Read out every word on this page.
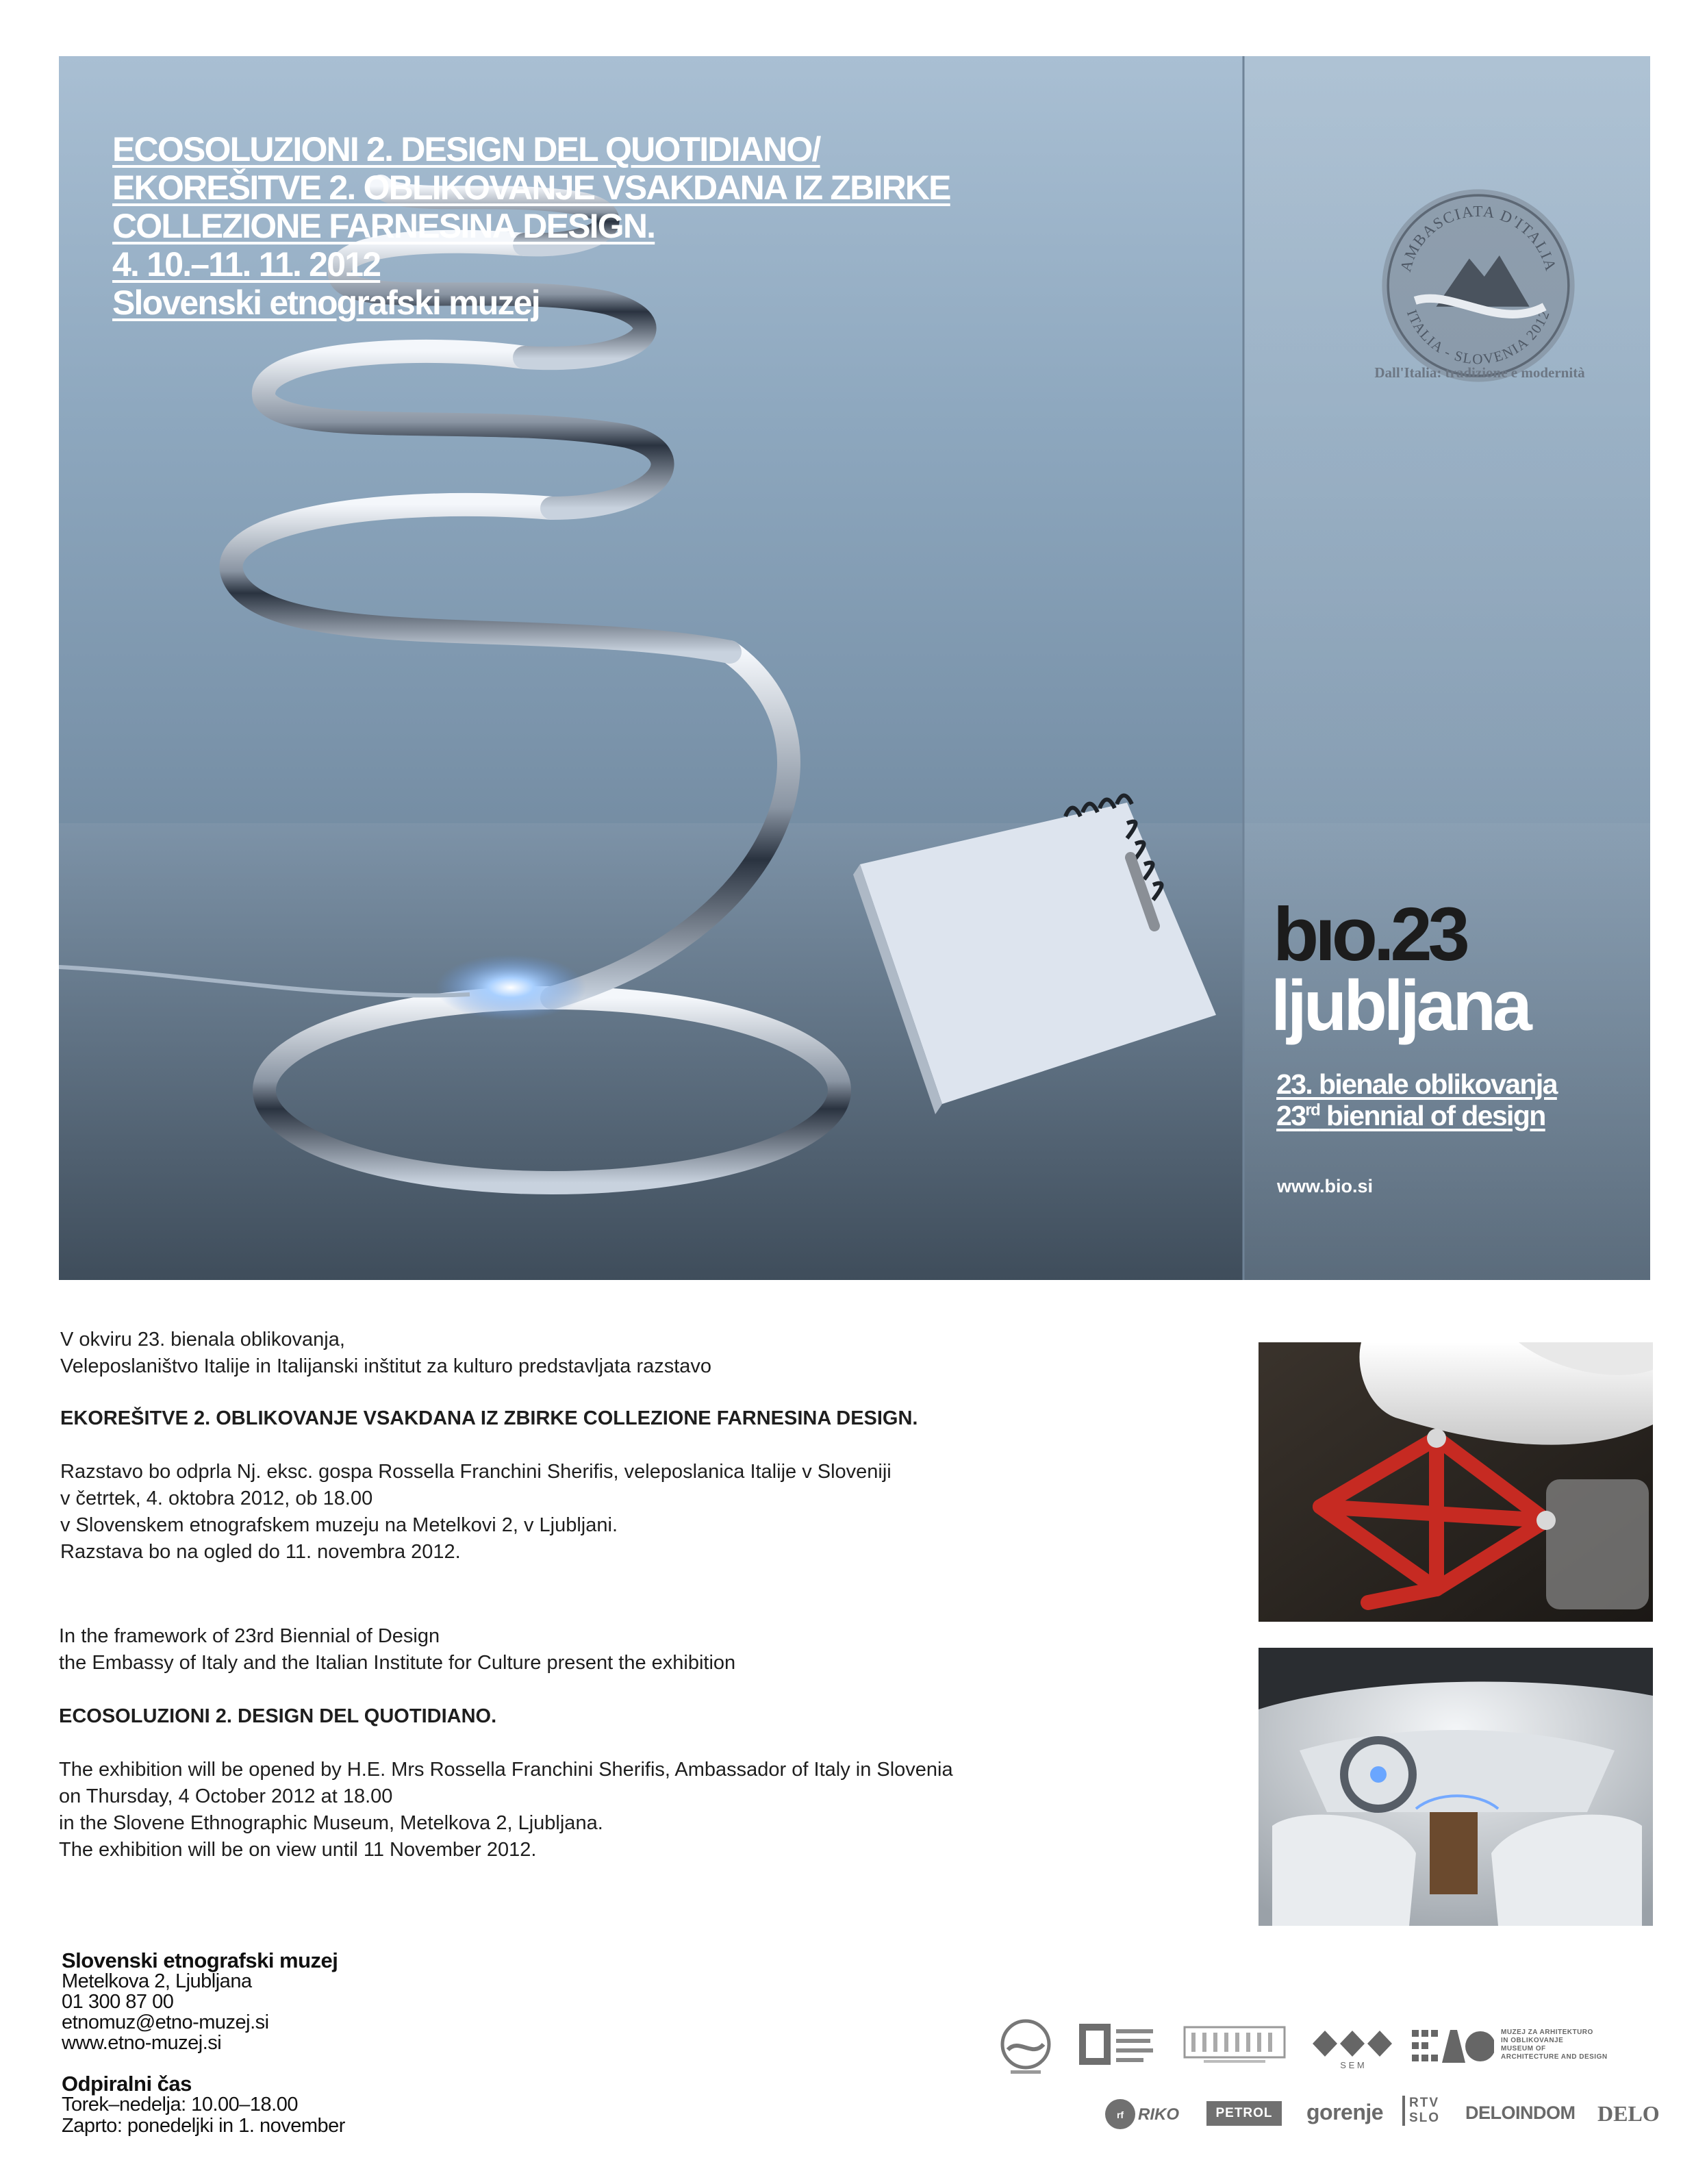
ECOSOLUZIONI 2. DESIGN DEL QUOTIDIANO/
EKOREŠITVE 2. OBLIKOVANJE VSAKDANA IZ ZBIRKE
COLLEZIONE FARNESINA DESIGN.
4. 10.–11. 11. 2012
Slovenski etnografski muzej
AMBASCIATA D'ITALIA
ITALIA - SLOVENIA 2012
Dall'Italia: tradizione e modernità
bıo.23
ljubljana
23. bienale oblikovanja
23rd biennial of design
www.bio.si

V okviru 23. bienala oblikovanja,

Veleposlaništvo Italije in Italijanski inštitut za kulturo predstavljata razstavo

EKOREŠITVE 2. OBLIKOVANJE VSAKDANA IZ ZBIRKE COLLEZIONE FARNESINA DESIGN.

Razstavo bo odprla Nj. eksc. gospa Rossella Franchini Sherifis, veleposlanica Italije v Sloveniji

v četrtek, 4. oktobra 2012, ob 18.00

v Slovenskem etnografskem muzeju na Metelkovi 2, v Ljubljani.

Razstava bo na ogled do 11. novembra 2012.

In the framework of 23rd Biennial of Design

the Embassy of Italy and the Italian Institute for Culture present the exhibition

ECOSOLUZIONI 2. DESIGN DEL QUOTIDIANO.

The exhibition will be opened by H.E. Mrs Rossella Franchini Sherifis, Ambassador of Italy in Slovenia

on Thursday, 4 October 2012 at 18.00

in the Slovene Ethnographic Museum, Metelkova 2, Ljubljana.

The exhibition will be on view until 11 November 2012.

Slovenski etnografski muzej
Metelkova 2, Ljubljana
01 300 87 00
etnomuz@etno-muzej.si
www.etno-muzej.si
Odpiralni čas
Torek–nedelja: 10.00–18.00
Zaprto: ponedeljki in 1. november
S E M
MUZEJ ZA ARHITEKTURO
IN OBLIKOVANJE
MUSEUM OF
ARCHITECTURE AND DESIGN
rf RIKO	PETROL	gorenje RTV
SLO DELOINDOM DELO
